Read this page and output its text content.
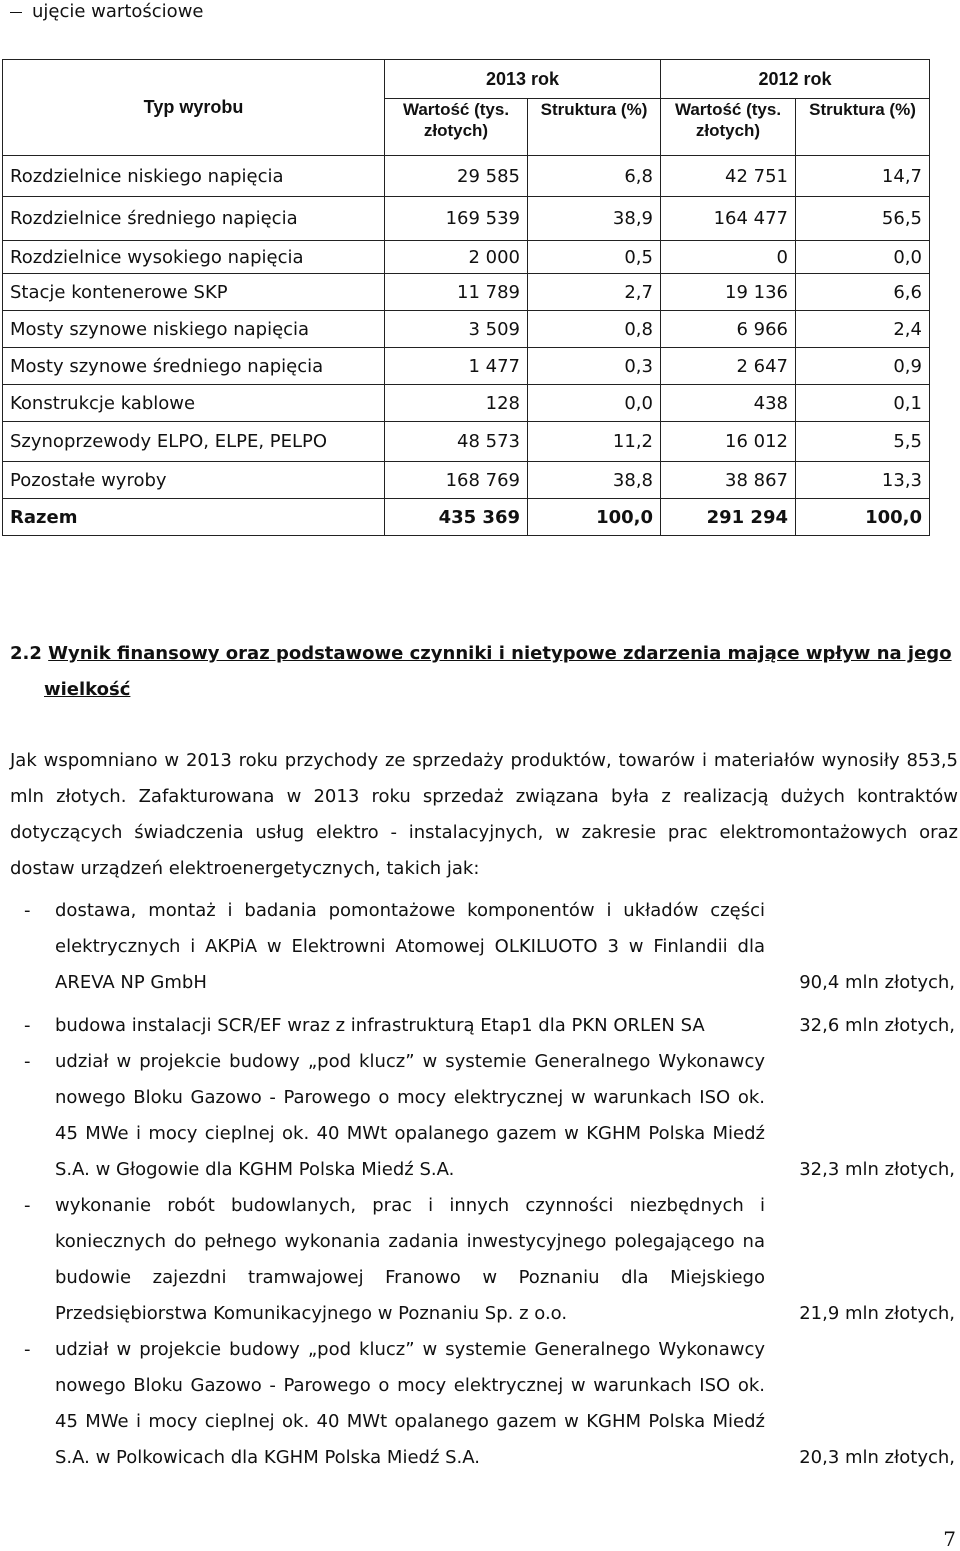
ujęcie wartościowe
Typ wyrobu	2013 rok		2012 rok	
	Wartość (tys. złotych)	Struktura (%)	Wartość (tys. złotych)	Struktura (%)
Rozdzielnice niskiego napięcia	29 585	6,8	42 751	14,7
Rozdzielnice średniego napięcia	169 539	38,9	164 477	56,5
Rozdzielnice wysokiego napięcia	2 000	0,5	0	0,0
Stacje kontenerowe SKP	11 789	2,7	19 136	6,6
Mosty szynowe niskiego napięcia	3 509	0,8	6 966	2,4
Mosty szynowe średniego napięcia	1 477	0,3	2 647	0,9
Konstrukcje kablowe	128	0,0	438	0,1
Szynoprzewody ELPO, ELPE, PELPO	48 573	11,2	16 012	5,5
Pozostałe wyroby	168 769	38,8	38 867	13,3
Razem	435 369	100,0	291 294	100,0
2.2 Wynik finansowy oraz podstawowe czynniki i nietypowe zdarzenia mające wpływ na jego
wielkość
Jak wspomniano w 2013 roku przychody ze sprzedaży produktów, towarów i materiałów wynosiły 853,5 mln złotych. Zafakturowana w 2013 roku sprzedaż związana była z realizacją dużych kontraktów dotyczących świadczenia usług elektro - instalacyjnych, w zakresie prac elektromontażowych oraz dostaw urządzeń elektroenergetycznych, takich jak:
- dostawa, montaż i badania pomontażowe komponentów i układów części elektrycznych i AKPiA w Elektrowni Atomowej OLKILUOTO 3 w Finlandii dla AREVA NP GmbH	90,4 mln złotych,
- budowa instalacji SCR/EF wraz z infrastrukturą Etap1 dla PKN ORLEN SA	32,6 mln złotych,
- udział w projekcie budowy „pod klucz” w systemie Generalnego Wykonawcy nowego Bloku Gazowo - Parowego o mocy elektrycznej w warunkach ISO ok. 45 MWe i mocy cieplnej ok. 40 MWt opalanego gazem w KGHM Polska Miedź S.A. w Głogowie dla KGHM Polska Miedź S.A.	32,3 mln złotych,
- wykonanie robót budowlanych, prac i innych czynności niezbędnych i koniecznych do pełnego wykonania zadania inwestycyjnego polegającego na budowie zajezdni tramwajowej Franowo w Poznaniu dla Miejskiego Przedsiębiorstwa Komunikacyjnego w Poznaniu Sp. z o.o.	21,9 mln złotych,
- udział w projekcie budowy „pod klucz” w systemie Generalnego Wykonawcy nowego Bloku Gazowo - Parowego o mocy elektrycznej w warunkach ISO ok. 45 MWe i mocy cieplnej ok. 40 MWt opalanego gazem w KGHM Polska Miedź S.A. w Polkowicach dla KGHM Polska Miedź S.A.	20,3 mln złotych,
7
